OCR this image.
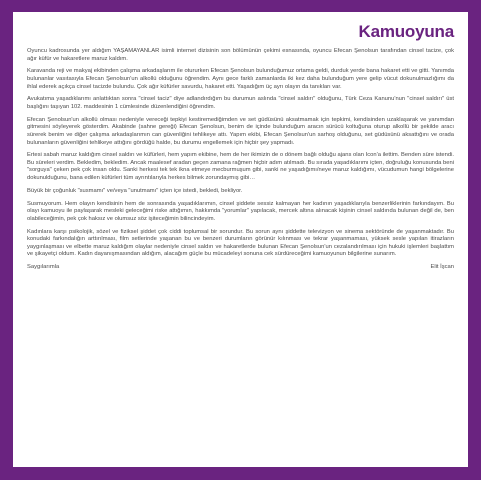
Kamuoyuna

Oyuncu kadrosunda yer aldığım YAŞAMAYANLAR isimli internet dizisinin son bölümünün çekimi esnasında, oyuncu Efecan Şenolsun tarafından cinsel tacize, çok ağır küfür ve hakaretlere maruz kaldım.

Karavanda reji ve makyaj ekibinden çalışma arkadaşlarım ile otururken Efecan Şenolsun bulunduğumuz ortama geldi, durduk yerde bana hakaret etti ve gitti. Yanımda bulunanlar vasıtasıyla Efecan Şenolsun'un alkollü olduğunu öğrendim. Aynı gece farklı zamanlarda iki kez daha bulunduğum yere gelip vücut dokunulmazlığımı da ihlal ederek açıkça cinsel tacizde bulundu. Çok ağır küfürler savurdu, hakaret etti. Yaşadığım üç ayrı olayın da tanıkları var.

Avukatıma yaşadıklarımı anlattıktan sonra "cinsel taciz" diye adlandırdığım bu durumun aslında "cinsel saldırı" olduğunu, Türk Ceza Kanunu'nun "cinsel saldırı" üst başlığını taşıyan 102. maddesinin 1 cümlesinde düzenlendiğini öğrendim.

Efecan Şenolsun'un alkollü olması nedeniyle vereceği tepkiyi kestiremediğimden ve set güdüsünü aksatmamak için tepkimi, kendisinden uzaklaşarak ve yanımdan gitmesini söyleyerek gösterdim. Akabinde (sahne gereği) Efecan Şenolsun, benim de içinde bulunduğum aracın sürücü koltuğuna oturup alkollü bir şekilde aracı sürerek benim ve diğer çalışma arkadaşlarımın can güvenliğini tehlikeye attı. Yapım ekibi, Efecan Şenolsun'un sarhoş olduğunu, set güdüsünü aksattığını ve orada bulunanların güvenliğini tehlikeye attığını gördüğü halde, bu durumu engellemek için hiçbir şey yapmadı.

Ertesi sabah maruz kaldığım cinsel saldırı ve küfürleri, hem yapım ekibine, hem de her ikimizin de o dönem bağlı olduğu ajans olan Icon'a ilettim. Benden süre istendi. Bu süreleri verdim. Bekledim, bekledim. Ancak maalesef aradan geçen zamana rağmen hiçbir adım atılmadı. Bu sırada yaşadıklarımı içten, doğruluğu konusunda beni "sorguya" çeken pek çok insan oldu. Sanki herkesi tek tek ikna etmeye mecburmuşum gibi, sanki ne yaşadığımı/neye maruz kaldığımı, vücudumun hangi bölgelerine dokunulduğunu, bana edilen küfürleri tüm ayrıntılarıyla herkes bilmek zorundaymış gibi…

Büyük bir çoğunluk "susmamı" ve/veya "unutmamı" içten içe istedi, bekledi, bekliyor.

Susmuyorum. Hem olayın kendisinin hem de sonrasında yaşadıklarımın, cinsel şiddete sessiz kalmayan her kadının yaşadıklarıyla benzerliklerinin farkındayım. Bu olayı kamuoyu ile paylaşarak mesleki geleceğimi riske attığımın, hakkımda "yorumlar" yapılacak, mercek altına alınacak kişinin cinsel saldırıda bulunan değil de, ben olabileceğimin, pek çok haksız ve olumsuz söz işiteceğimin bilincindeyim.

Kadınlara karşı psikolojik, sözel ve fiziksel şiddet çok ciddi toplumsal bir sorundur. Bu sorun aynı şiddette televizyon ve sinema sektöründe de yaşanmaktadır. Bu konudaki farkındalığın arttırılması, film setlerinde yaşanan bu ve benzeri durumların görünür kılınması ve tekrar yaşanmaması, yüksek sesle yapılan itirazların yaygınlaşması ve elbette maruz kaldığım olaylar nedeniyle cinsel saldırı ve hakaretlerde bulunan Efecan Şenolsun'un cezalandırılması için hukuki işlemleri başlattım ve şikayetçi oldum. Kadın dayanışmasından aldığım, alacağım güçle bu mücadeleyi sonuna cek sürdüreceğimi kamuoyunun bilgilerine sunarım.

Saygılarımla	Elit İşcan
